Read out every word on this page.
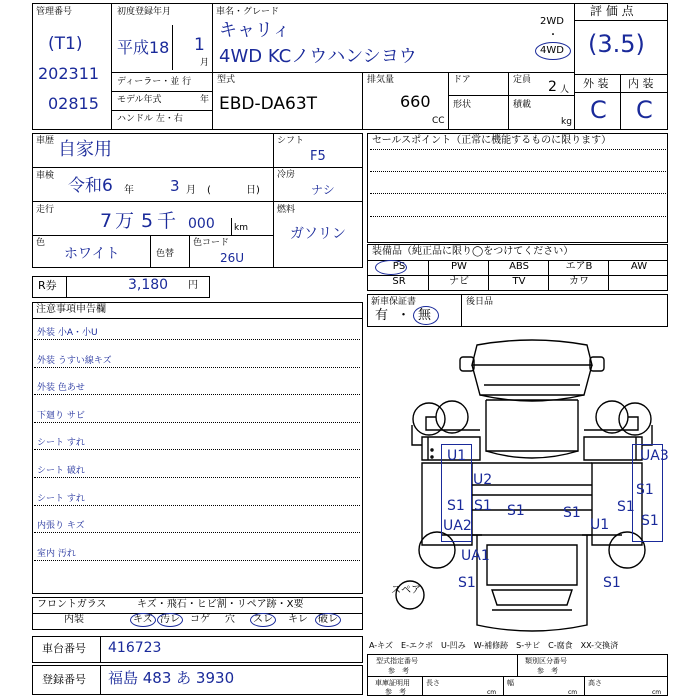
管理番号
(T1)
202311
02815
初度登録年月
平成18 1
月
車名・グレード
キャリィ
4WD KCノウハンシヨウ
2WD
・
4WD
評 価 点
(3.5)
外 装 内 装
C C
ディーラー・並 行
モデル年式	年
ハンドル 左・右
型式
EBD-DA63T
排気量
660
CC
ドア	定員 2 人
形状	積載
kg
車歴 自家用	シフト
F5
車検 令和6 年 3 月 (	日)
冷房
ナシ
走行 7 万 5 千 000 km
燃料
ガソリン
色
ホワイト	色替
色コード
26U
R券	3,180 円
セールスポイント（正常に機能するものに限ります）
装備品（純正品に限り◯をつけてください）
PS	PW	ABS	エアB	AW
SR	ナビ	TV	カワ
新車保証書
有 ・ 無
後日品
注意事項申告欄
外装 小A・小U
外装 うすい線キズ
外装 色あせ
下廻り サビ
シート すれ
シート 破れ
シート すれ
内張り キズ
室内 汚れ
スペア
U1
U2
S1 S1
UA2
S1
UA1
S1
S1
U1
UA3
S1
S1
S1
S1
フロントガラス	キズ・飛石・ヒビ割・リペア跡・X要
内装	キズ 汚レ コゲ 穴 スレ キレ 破レ
車台番号 416723
登録番号 福島 483 あ 3930
A-キズ　E-エクボ　U-凹み　W-補修跡　S-サビ　C-腐食　XX-交換済
型式指定番号
参　考
類別区分番号
参　考
車庫証明用
参　考
長さ
cm
幅
cm
高さ
cm
